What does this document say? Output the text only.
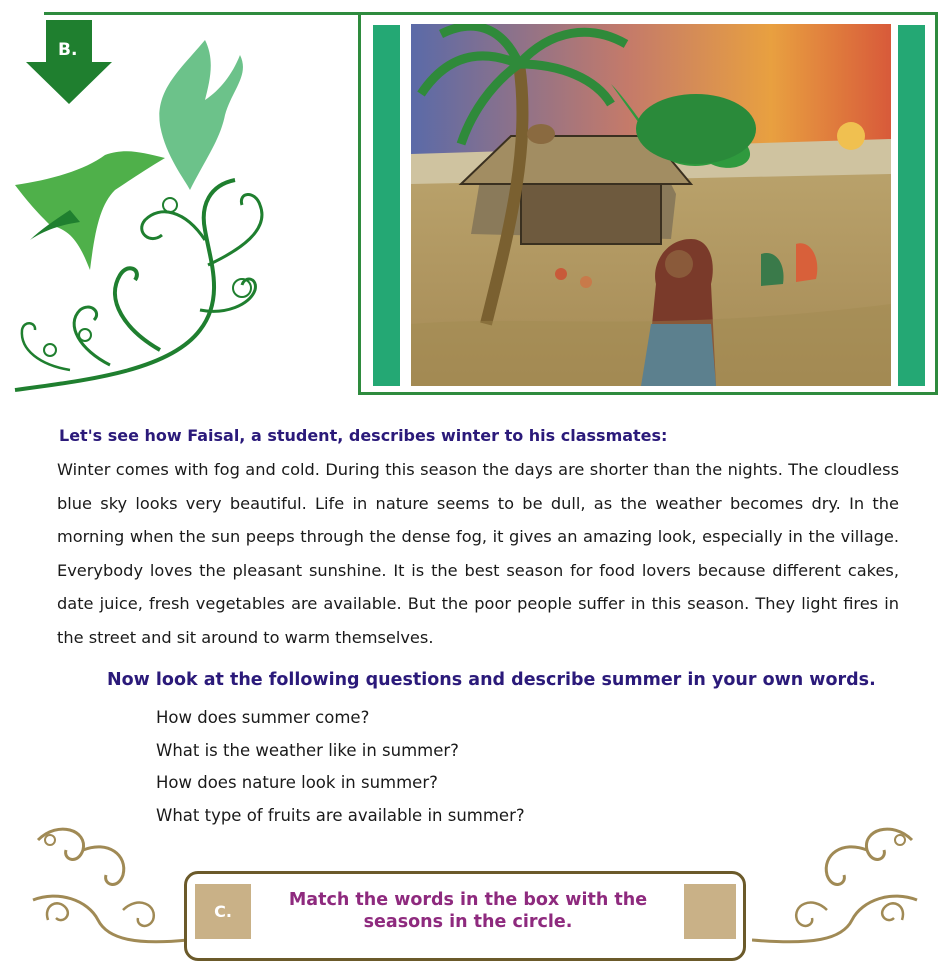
B.

Let's see how Faisal, a student, describes winter to his classmates:

Winter comes with fog and cold. During this season the days are shorter than the nights. The cloudless blue sky looks very beautiful. Life in nature seems to be dull, as the weather becomes dry. In the morning when the sun peeps through the dense fog, it gives an amazing look, especially in the village. Everybody loves the pleasant sunshine. It is the best season for food lovers because different cakes, date juice, fresh vegetables are available. But the poor people suffer in this season. They light fires in the street and sit around to warm themselves.

Now look at the following questions and describe summer in your own words.

How does summer come?
What is the weather like in summer?
How does nature look in summer?
What type of fruits are available in summer?
C.

Match the words in the box with the
seasons in the circle.
